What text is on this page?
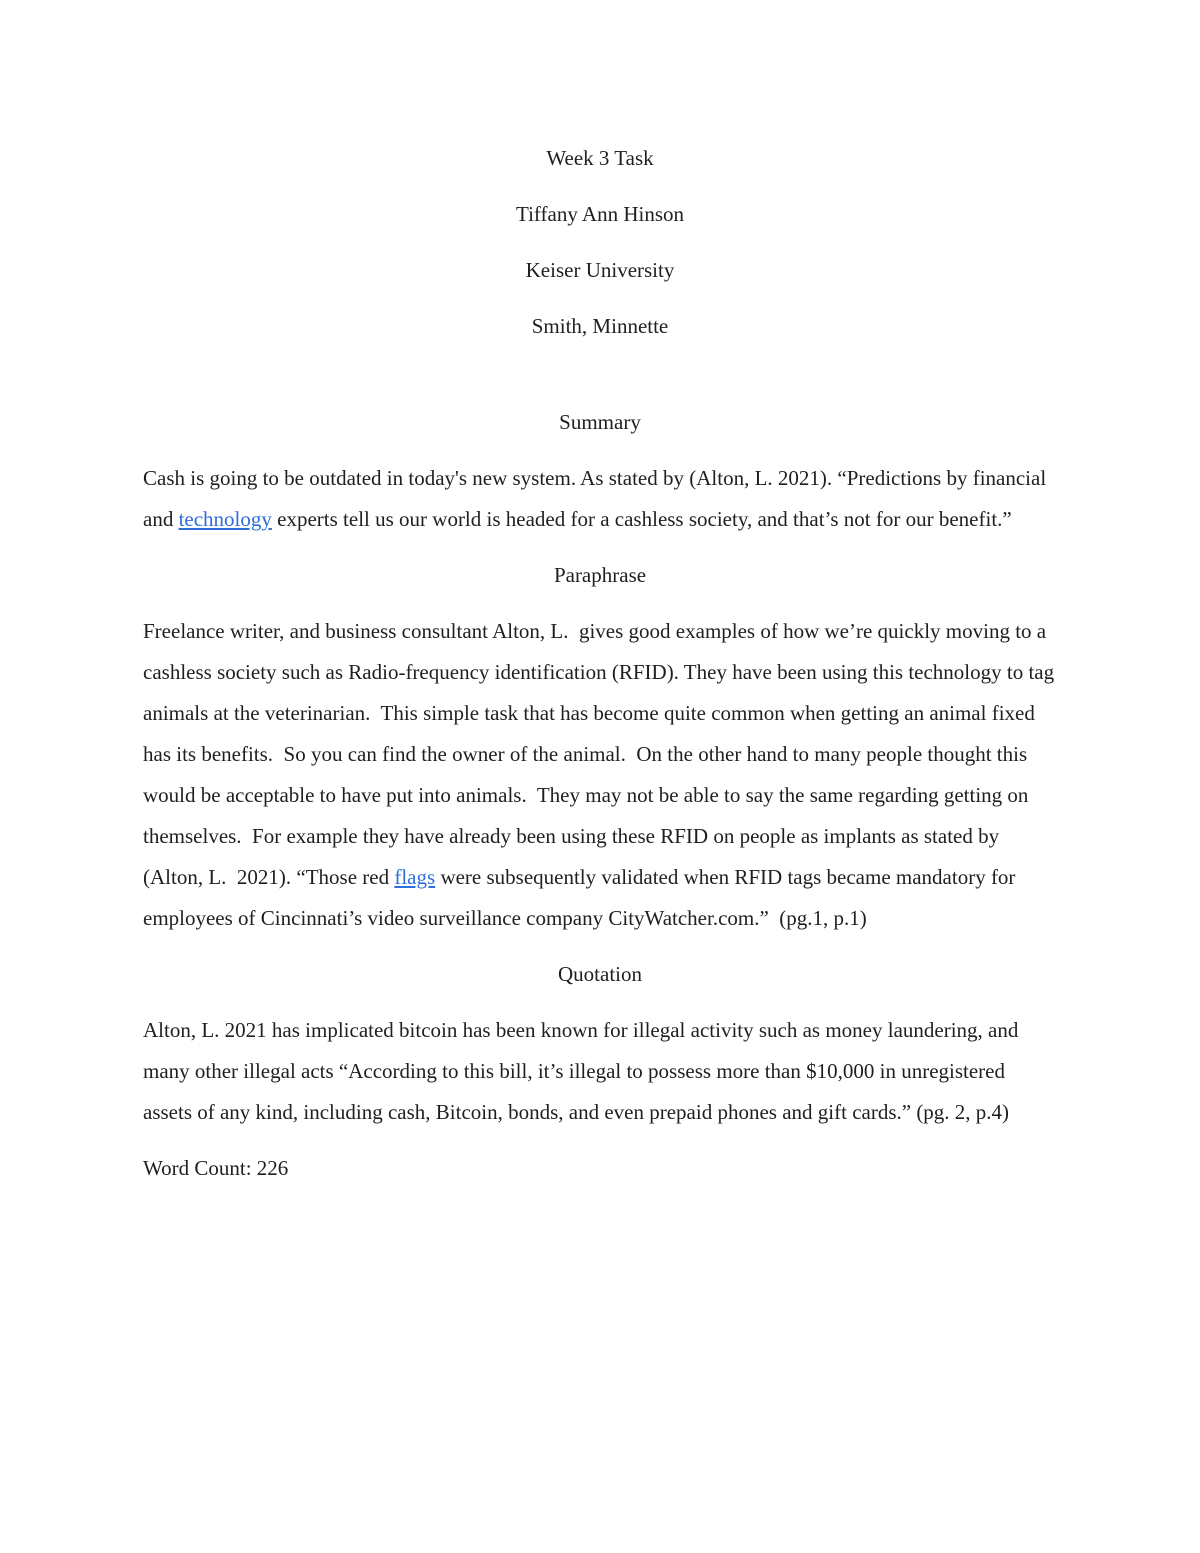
Week 3 Task

Tiffany Ann Hinson

Keiser University

Smith, Minnette

Summary

Cash is going to be outdated in today's new system. As stated by (Alton, L. 2021). “Predictions by financial and technology experts tell us our world is headed for a cashless society, and that’s not for our benefit.”

Paraphrase

Freelance writer, and business consultant Alton, L.  gives good examples of how we’re quickly moving to a cashless society such as Radio-frequency identification (RFID). They have been using this technology to tag animals at the veterinarian.  This simple task that has become quite common when getting an animal fixed has its benefits.  So you can find the owner of the animal.  On the other hand to many people thought this would be acceptable to have put into animals.  They may not be able to say the same regarding getting on themselves.  For example they have already been using these RFID on people as implants as stated by (Alton, L.  2021). “Those red flags were subsequently validated when RFID tags became mandatory for employees of Cincinnati’s video surveillance company CityWatcher.com.”  (pg.1, p.1)

Quotation

Alton, L. 2021 has implicated bitcoin has been known for illegal activity such as money laundering, and many other illegal acts “According to this bill, it’s illegal to possess more than $10,000 in unregistered assets of any kind, including cash, Bitcoin, bonds, and even prepaid phones and gift cards.” (pg. 2, p.4)

Word Count: 226
